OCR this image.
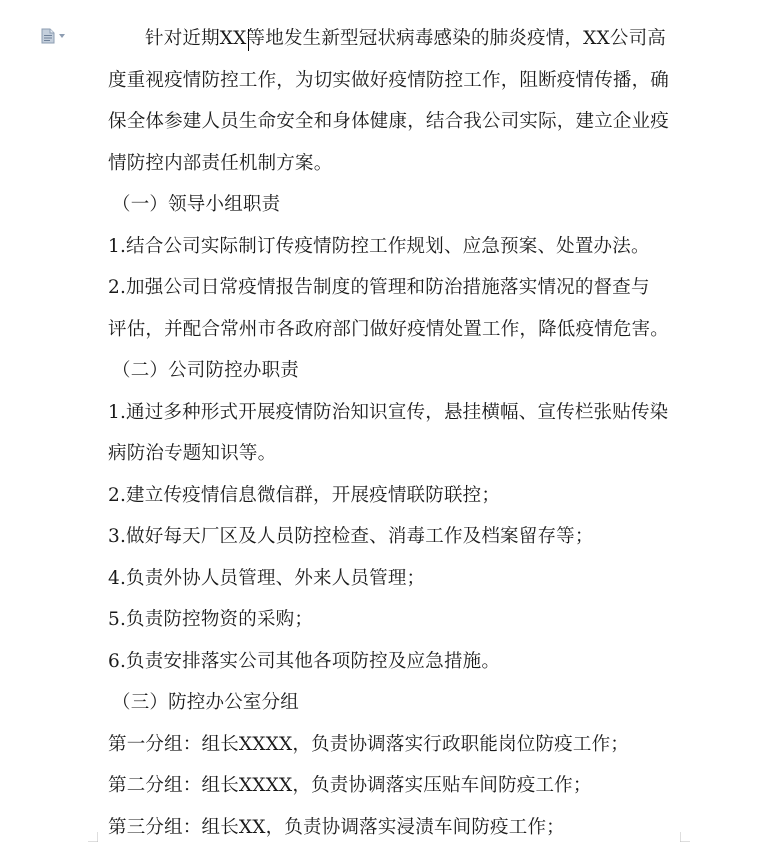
针对近期XX等地发生新型冠状病毒感染的肺炎疫情，XX公司高
度重视疫情防控工作，为切实做好疫情防控工作，阻断疫情传播，确
保全体参建人员生命安全和身体健康，结合我公司实际，建立企业疫
情防控内部责任机制方案。
（一）领导小组职责
1.结合公司实际制订传疫情防控工作规划、应急预案、处置办法。
2.加强公司日常疫情报告制度的管理和防治措施落实情况的督查与
评估，并配合常州市各政府部门做好疫情处置工作，降低疫情危害。
（二）公司防控办职责
1.通过多种形式开展疫情防治知识宣传，悬挂横幅、宣传栏张贴传染
病防治专题知识等。
2.建立传疫情信息微信群，开展疫情联防联控；
3.做好每天厂区及人员防控检查、消毒工作及档案留存等；
4.负责外协人员管理、外来人员管理；
5.负责防控物资的采购；
6.负责安排落实公司其他各项防控及应急措施。
（三）防控办公室分组
第一分组：组长XXXX，负责协调落实行政职能岗位防疫工作；
第二分组：组长XXXX，负责协调落实压贴车间防疫工作；
第三分组：组长XX，负责协调落实浸渍车间防疫工作；
